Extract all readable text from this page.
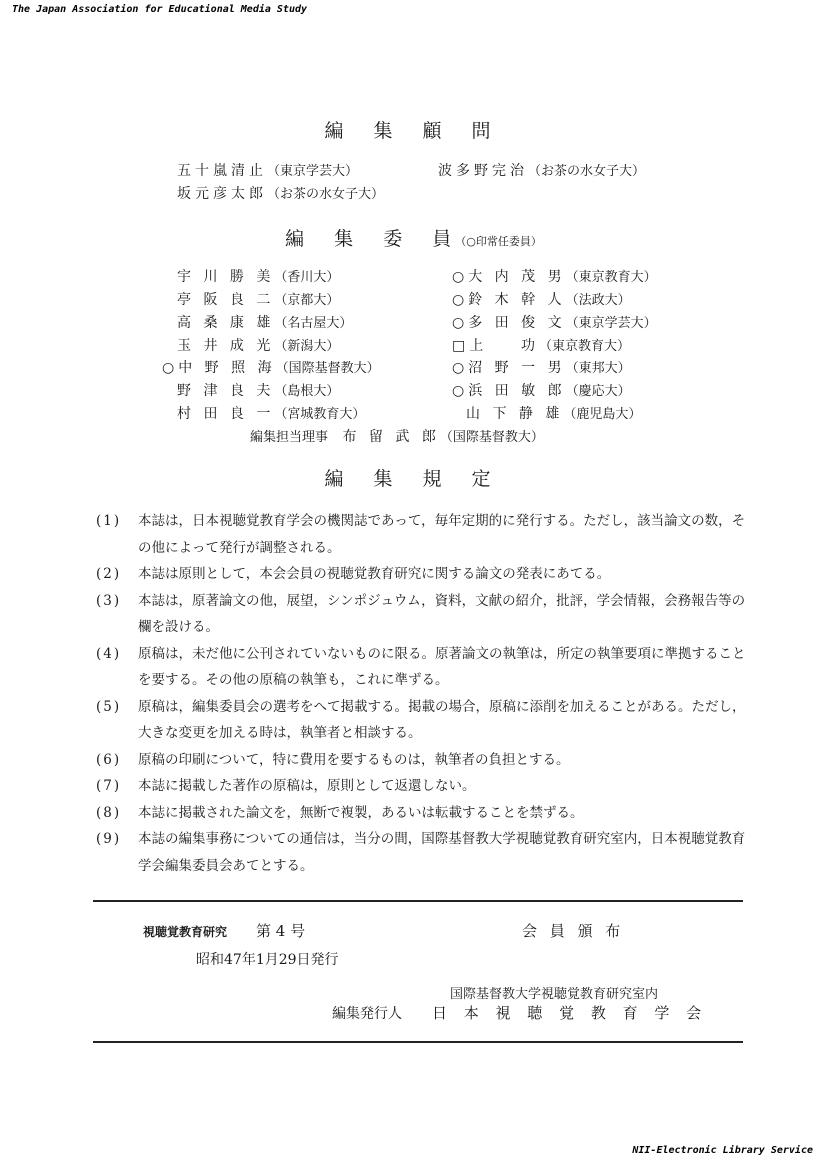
The Japan Association for Educational Media Study
編 集 顧 問
五十嵐清止（東京学芸大）	波多野完治（お茶の水女子大）
坂元彦太郎（お茶の水女子大）
編 集 委 員（○印常任委員）
宇 川 勝 美（香川大）
亭 阪 良 二（京都大）
高 桑 康 雄（名古屋大）
玉 井 成 光（新潟大）
○中 野 照 海（国際基督教大）
野 津 良 夫（島根大）
村 田 良 一（宮城教育大）
○大 内 茂 男（東京教育大）
○鈴 木 幹 人（法政大）
○多 田 俊 文（東京学芸大）
□上    功（東京教育大）
○沼 野 一 男（東邦大）
○浜 田 敏 郎（慶応大）
山 下 静 雄（鹿児島大）
編集担当理事 布 留 武 郎（国際基督教大）
編 集 規 定
(1) 本誌は，日本視聴覚教育学会の機関誌であって，毎年定期的に発行する。ただし，該当論文の数，その他によって発行が調整される。
(2) 本誌は原則として，本会会員の視聴覚教育研究に関する論文の発表にあてる。
(3) 本誌は，原著論文の他，展望，シンポジュウム，資料，文献の紹介，批評，学会情報，会務報告等の欄を設ける。
(4) 原稿は，未だ他に公刊されていないものに限る。原著論文の執筆は，所定の執筆要項に準拠することを要する。その他の原稿の執筆も，これに準ずる。
(5) 原稿は，編集委員会の選考をへて掲載する。掲載の場合，原稿に添削を加えることがある。ただし，大きな変更を加える時は，執筆者と相談する。
(6) 原稿の印刷について，特に費用を要するものは，執筆者の負担とする。
(7) 本誌に掲載した著作の原稿は，原則として返還しない。
(8) 本誌に掲載された論文を，無断で複製，あるいは転載することを禁ずる。
(9) 本誌の編集事務についての通信は，当分の間，国際基督教大学視聴覚教育研究室内，日本視聴覚教育学会編集委員会あてとする。
視聴覚教育研究 第 4 号	会 員 頒 布
昭和47年1月29日発行
国際基督教大学視聴覚教育研究室内
編集発行人 日 本 視 聴 覚 教 育 学 会
NII-Electronic Library Service
